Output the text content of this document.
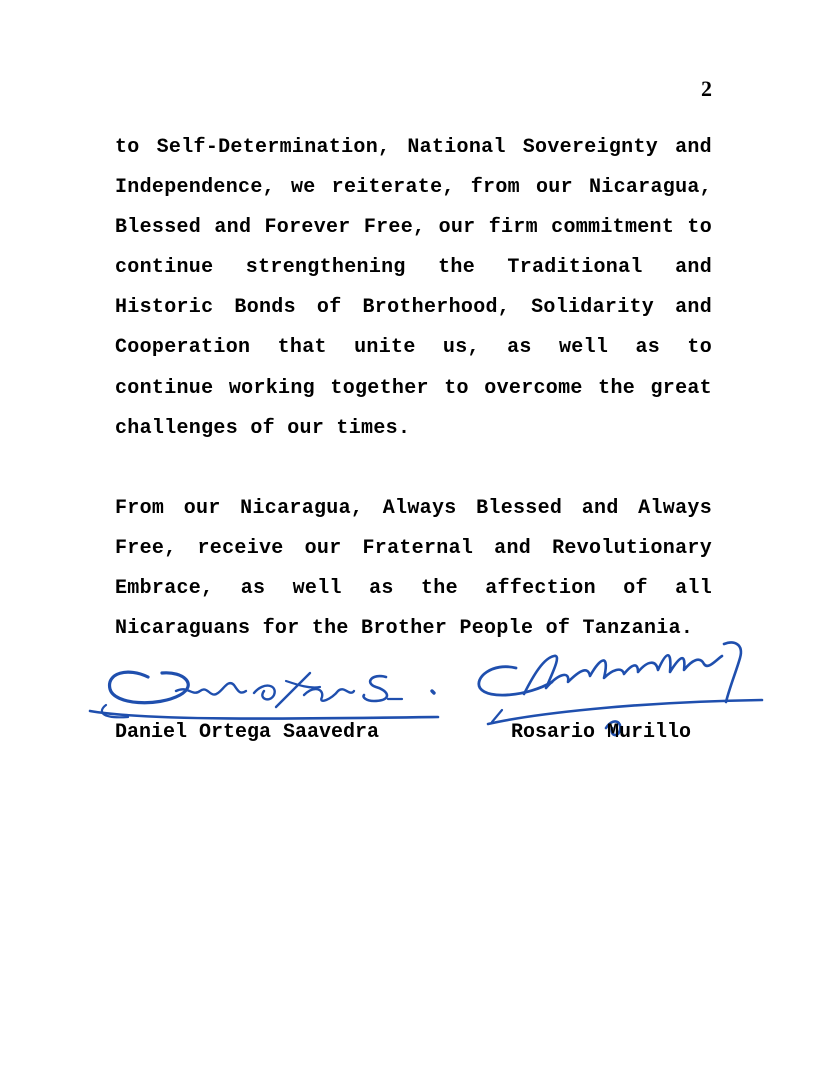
2

to Self-Determination, National Sovereignty and Independence, we reiterate, from our Nicaragua, Blessed and Forever Free, our firm commitment to continue strengthening the Traditional and Historic Bonds of Brotherhood, Solidarity and Cooperation that unite us, as well as to continue working together to overcome the great challenges of our times.

From our Nicaragua, Always Blessed and Always Free, receive our Fraternal and Revolutionary Embrace, as well as the affection of all Nicaraguans for the Brother People of Tanzania.

Daniel Ortega Saavedra	Rosario Murillo
